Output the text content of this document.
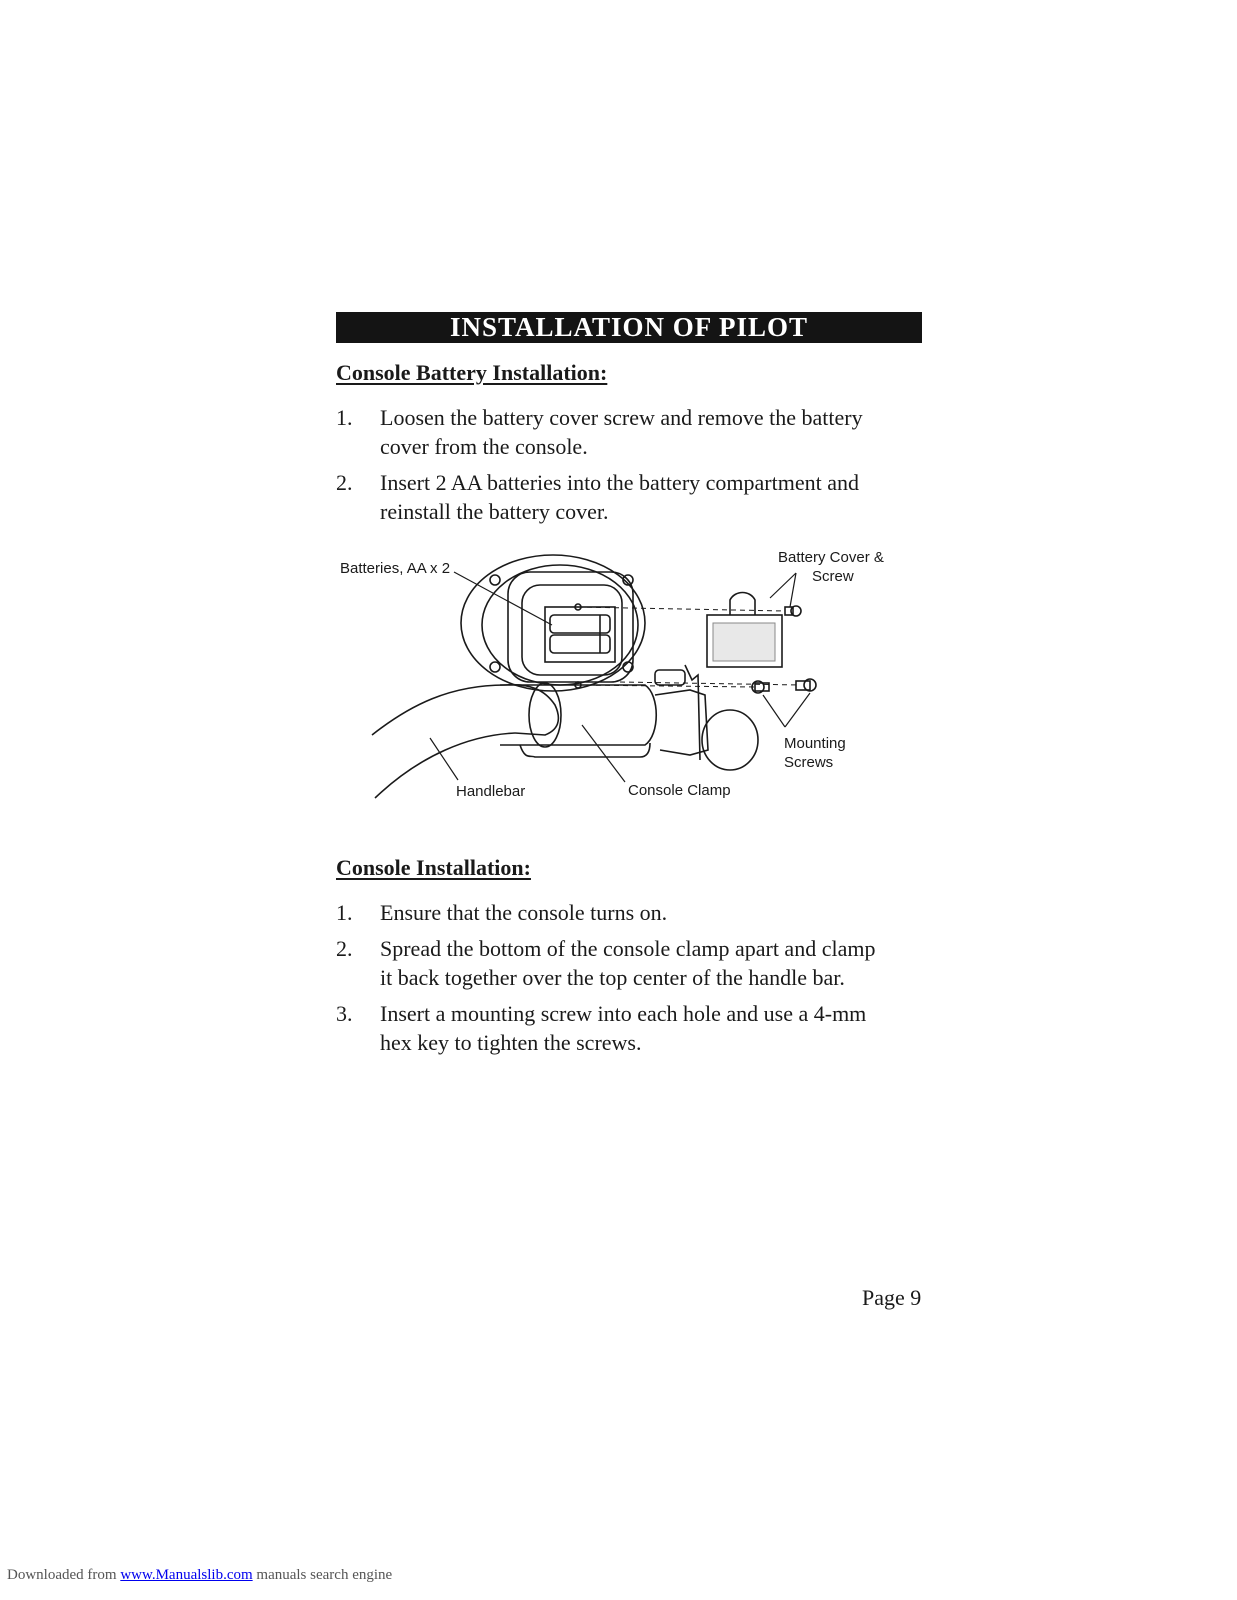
INSTALLATION OF PILOT
Console Battery Installation:
1. Loosen the battery cover screw and remove the battery
cover from the console.
2. Insert 2 AA batteries into the battery compartment and
reinstall the battery cover.
Batteries, AA x 2
Battery Cover &
Screw
Mounting
Screws
Handlebar	Console Clamp
Console Installation:
1. Ensure that the console turns on.
2. Spread the bottom of the console clamp apart and clamp
it back together over the top center of the handle bar.
3. Insert a mounting screw into each hole and use a 4-mm
hex key to tighten the screws.
Page 9
Downloaded from www.Manualslib.com manuals search engine
